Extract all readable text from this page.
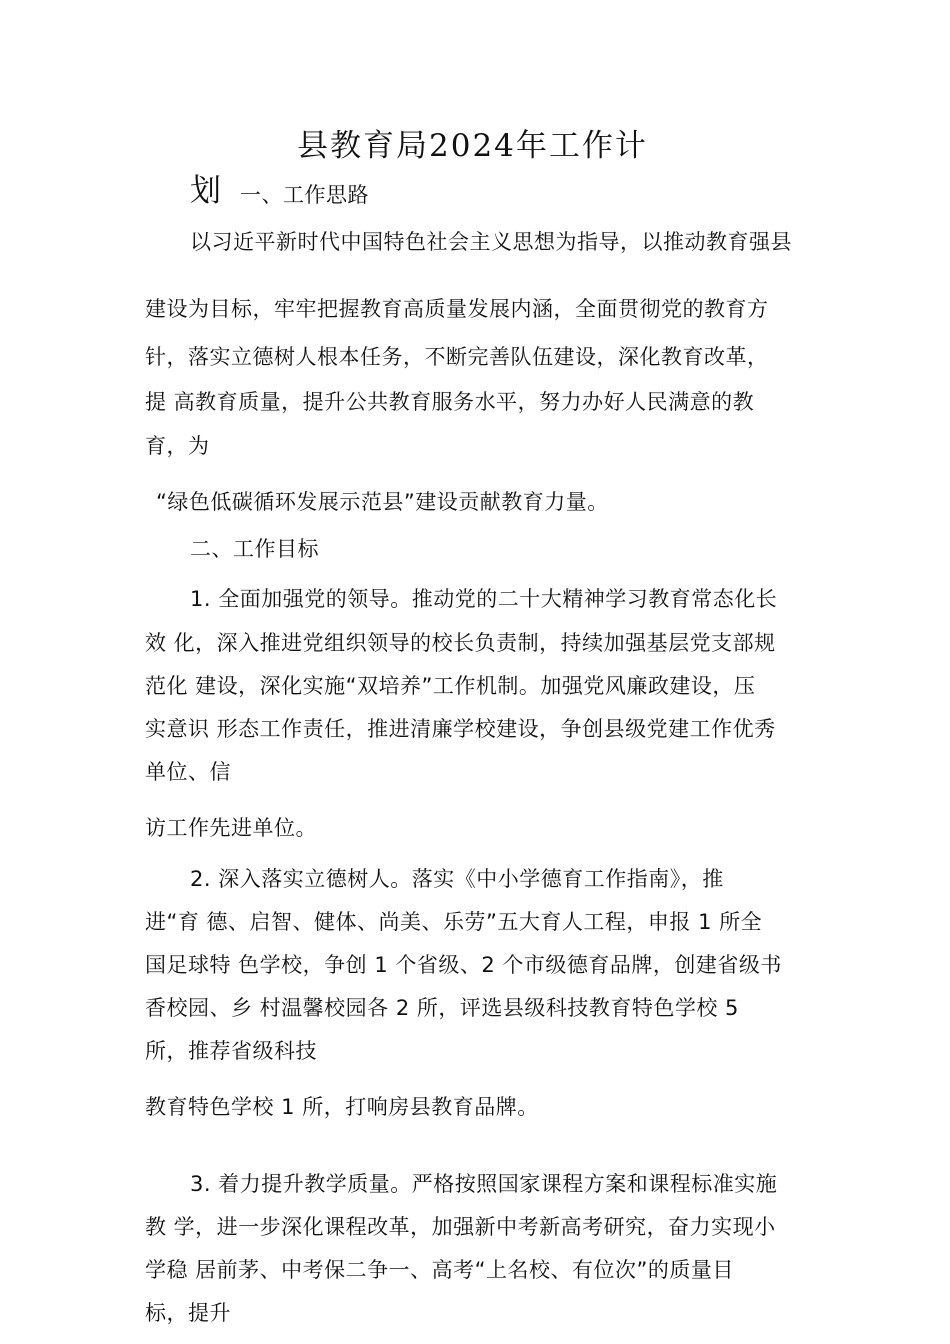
县教育局2024年工作计
划 一、工作思路
以习近平新时代中国特色社会主义思想为指导，以推动教育强县
建设为目标，牢牢把握教育高质量发展内涵，全面贯彻党的教育方
针，落实立德树人根本任务，不断完善队伍建设，深化教育改革，
提 高教育质量，提升公共教育服务水平，努力办好人民满意的教
育，为
“绿色低碳循环发展示范县”建设贡献教育力量。
二、工作目标
1. 全面加强党的领导。推动党的二十大精神学习教育常态化长
效 化，深入推进党组织领导的校长负责制，持续加强基层党支部规
范化 建设，深化实施“双培养”工作机制。加强党风廉政建设，压
实意识 形态工作责任，推进清廉学校建设，争创县级党建工作优秀
单位、信
访工作先进单位。
2. 深入落实立德树人。落实《中小学德育工作指南》，推
进“育 德、启智、健体、尚美、乐劳”五大育人工程，申报 1 所全
国足球特 色学校，争创 1 个省级、2 个市级德育品牌，创建省级书
香校园、乡 村温馨校园各 2 所，评选县级科技教育特色学校 5
所，推荐省级科技
教育特色学校 1 所，打响房县教育品牌。
3. 着力提升教学质量。严格按照国家课程方案和课程标准实施
教 学，进一步深化课程改革，加强新中考新高考研究，奋力实现小
学稳 居前茅、中考保二争一、高考“上名校、有位次”的质量目
标，提升
